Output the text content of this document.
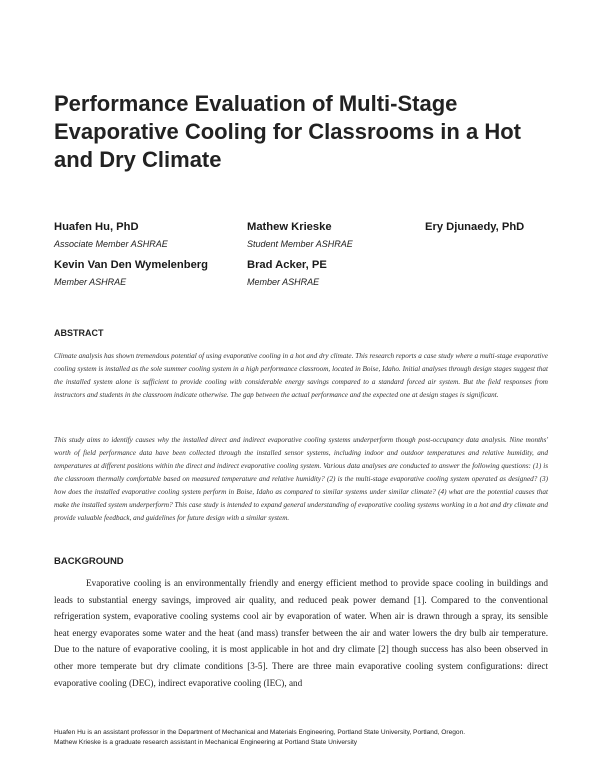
Performance Evaluation of Multi-Stage Evaporative Cooling for Classrooms in a Hot and Dry Climate
Huafen Hu, PhD
Associate Member ASHRAE
Mathew Krieske
Student Member ASHRAE
Ery Djunaedy, PhD
Kevin Van Den Wymelenberg
Member ASHRAE
Brad Acker, PE
Member ASHRAE
ABSTRACT

Climate analysis has shown tremendous potential of using evaporative cooling in a hot and dry climate. This research reports a case study where a multi-stage evaporative cooling system is installed as the sole summer cooling system in a high performance classroom, located in Boise, Idaho. Initial analyses through design stages suggest that the installed system alone is sufficient to provide cooling with considerable energy savings compared to a standard forced air system. But the field responses from instructors and students in the classroom indicate otherwise. The gap between the actual performance and the expected one at design stages is significant.

This study aims to identify causes why the installed direct and indirect evaporative cooling systems underperform though post-occupancy data analysis. Nine months' worth of field performance data have been collected through the installed sensor systems, including indoor and outdoor temperatures and relative humidity, and temperatures at different positions within the direct and indirect evaporative cooling system. Various data analyses are conducted to answer the following questions: (1) is the classroom thermally comfortable based on measured temperature and relative humidity? (2) is the multi-stage evaporative cooling system operated as designed? (3) how does the installed evaporative cooling system perform in Boise, Idaho as compared to similar systems under similar climate? (4) what are the potential causes that make the installed system underperform? This case study is intended to expand general understanding of evaporative cooling systems working in a hot and dry climate and provide valuable feedback, and guidelines for future design with a similar system.

BACKGROUND

Evaporative cooling is an environmentally friendly and energy efficient method to provide space cooling in buildings and leads to substantial energy savings, improved air quality, and reduced peak power demand [1]. Compared to the conventional refrigeration system, evaporative cooling systems cool air by evaporation of water. When air is drawn through a spray, its sensible heat energy evaporates some water and the heat (and mass) transfer between the air and water lowers the dry bulb air temperature. Due to the nature of evaporative cooling, it is most applicable in hot and dry climate [2] though success has also been observed in other more temperate but dry climate conditions [3-5]. There are three main evaporative cooling system configurations: direct evaporative cooling (DEC), indirect evaporative cooling (IEC), and

Huafen Hu is an assistant professor in the Department of Mechanical and Materials Engineering, Portland State University, Portland, Oregon.

Mathew Krieske is a graduate research assistant in Mechanical Engineering at Portland State University
